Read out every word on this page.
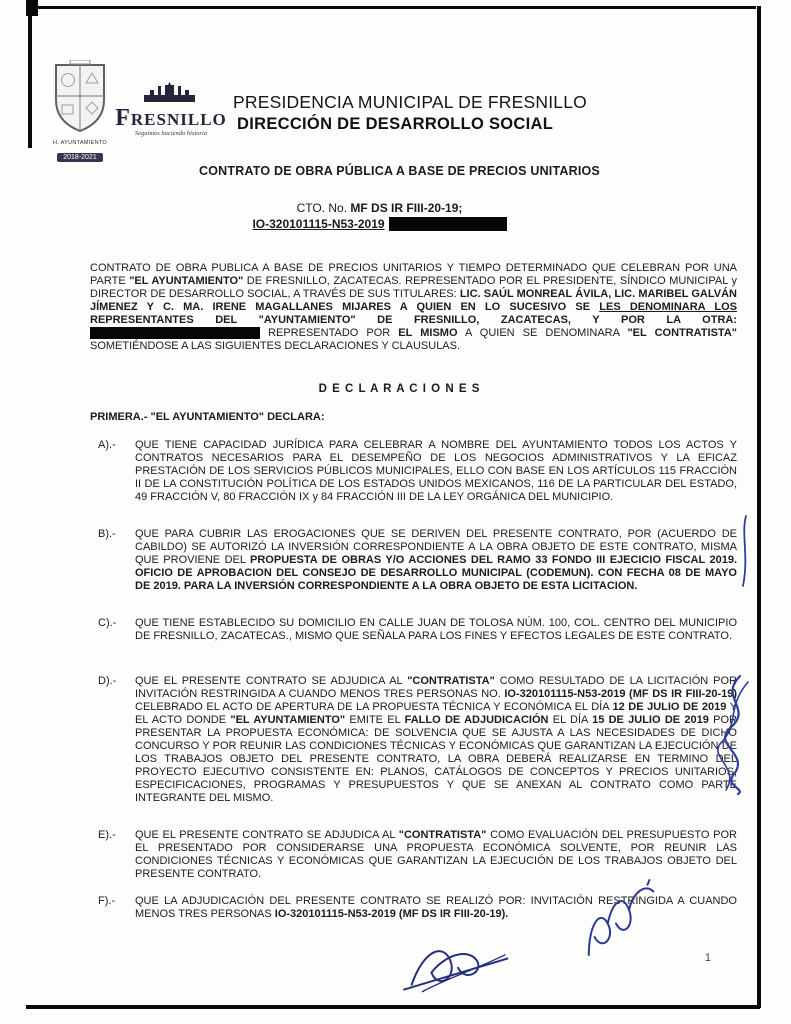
H. AYUNTAMIENTO
2018-2021
Fresnillo
Seguimos haciendo historia
PRESIDENCIA MUNICIPAL DE FRESNILLO
DIRECCIÓN DE DESARROLLO SOCIAL
CONTRATO DE OBRA PÚBLICA A BASE DE PRECIOS UNITARIOS
CTO. No. MF DS IR FIII-20-19;
IO-320101115-N53-2019

CONTRATO DE OBRA PUBLICA A BASE DE PRECIOS UNITARIOS Y TIEMPO DETERMINADO QUE CELEBRAN POR UNA PARTE "EL AYUNTAMIENTO" DE FRESNILLO, ZACATECAS. REPRESENTADO POR EL PRESIDENTE, SÍNDICO MUNICIPAL y DIRECTOR DE DESARROLLO SOCIAL, A TRAVÉS DE SUS TITULARES: LIC. SAÚL MONREAL ÁVILA, LIC. MARIBEL GALVÁN JÍMENEZ Y C. MA. IRENE MAGALLANES MIJARES A QUIEN EN LO SUCESIVO SE LES DENOMINARA LOS REPRESENTANTES DEL "AYUNTAMIENTO" DE FRESNILLO, ZACATECAS, Y POR LA OTRA:  REPRESENTADO POR EL MISMO A QUIEN SE DENOMINARA "EL CONTRATISTA" SOMETIÉNDOSE A LAS SIGUIENTES DECLARACIONES Y CLAUSULAS.

D E C L A R A C I O N E S
PRIMERA.- "EL AYUNTAMIENTO" DECLARA:
A).-	QUE TIENE CAPACIDAD JURÍDICA PARA CELEBRAR A NOMBRE DEL AYUNTAMIENTO TODOS LOS ACTOS Y CONTRATOS NECESARIOS PARA EL DESEMPEÑO DE LOS NEGOCIOS ADMINISTRATIVOS Y LA EFICAZ PRESTACIÓN DE LOS SERVICIOS PÚBLICOS MUNICIPALES, ELLO CON BASE EN LOS ARTÍCULOS 115 FRACCIÓN II DE LA CONSTITUCIÓN POLÍTICA DE LOS ESTADOS UNIDOS MEXICANOS, 116 DE LA PARTICULAR DEL ESTADO, 49 FRACCIÓN V, 80 FRACCIÓN IX y 84 FRACCIÓN III DE LA LEY ORGÁNICA DEL MUNICIPIO.

B).-	QUE PARA CUBRIR LAS EROGACIONES QUE SE DERIVEN DEL PRESENTE CONTRATO, POR (ACUERDO DE CABILDO) SE AUTORIZÓ LA INVERSIÓN CORRESPONDIENTE A LA OBRA OBJETO DE ESTE CONTRATO, MISMA QUE PROVIENE DEL PROPUESTA DE OBRAS Y/O ACCIONES DEL RAMO 33 FONDO III EJECICIO FISCAL 2019. OFICIO DE APROBACION DEL CONSEJO DE DESARROLLO MUNICIPAL (CODEMUN). CON FECHA 08 DE MAYO DE 2019. PARA LA INVERSIÓN CORRESPONDIENTE A LA OBRA OBJETO DE ESTA LICITACION.

C).-	QUE TIENE ESTABLECIDO SU DOMICILIO EN CALLE JUAN DE TOLOSA NÚM. 100, COL. CENTRO DEL MUNICIPIO DE FRESNILLO, ZACATECAS., MISMO QUE SEÑALA PARA LOS FINES Y EFECTOS LEGALES DE ESTE CONTRATO.

D).-	QUE EL PRESENTE CONTRATO SE ADJUDICA AL "CONTRATISTA" COMO RESULTADO DE LA LICITACIÓN POR INVITACIÓN RESTRINGIDA A CUANDO MENOS TRES PERSONAS NO. IO-320101115-N53-2019 (MF DS IR FIII-20-19) CELEBRADO EL ACTO DE APERTURA DE LA PROPUESTA TÉCNICA Y ECONÓMICA EL DÍA 12 DE JULIO DE 2019 Y EL ACTO DONDE "EL AYUNTAMIENTO" EMITE EL FALLO DE ADJUDICACIÓN EL DÍA 15 DE JULIO DE 2019 POR PRESENTAR LA PROPUESTA ECONÓMICA: DE SOLVENCIA QUE SE AJUSTA A LAS NECESIDADES DE DICHO CONCURSO Y POR REUNIR LAS CONDICIONES TÉCNICAS Y ECONÓMICAS QUE GARANTIZAN LA EJECUCIÓN DE LOS TRABAJOS OBJETO DEL PRESENTE CONTRATO, LA OBRA DEBERÁ REALIZARSE EN TERMINO DEL PROYECTO EJECUTIVO CONSISTENTE EN: PLANOS, CATÁLOGOS DE CONCEPTOS Y PRECIOS UNITARIOS, ESPECIFICACIONES, PROGRAMAS Y PRESUPUESTOS Y QUE SE ANEXAN AL CONTRATO COMO PARTE INTEGRANTE DEL MISMO.

E).-	QUE EL PRESENTE CONTRATO SE ADJUDICA AL "CONTRATISTA" COMO EVALUACIÓN DEL PRESUPUESTO POR EL PRESENTADO POR CONSIDERARSE UNA PROPUESTA ECONÓMICA SOLVENTE, POR REUNIR LAS CONDICIONES TÉCNICAS Y ECONÓMICAS QUE GARANTIZAN LA EJECUCIÓN DE LOS TRABAJOS OBJETO DEL PRESENTE CONTRATO.

F).-	QUE LA ADJUDICACIÓN DEL PRESENTE CONTRATO SE REALIZÓ POR: INVITACIÓN RESTRINGIDA A CUANDO MENOS TRES PERSONAS IO-320101115-N53-2019 (MF DS IR FIII-20-19).

1
